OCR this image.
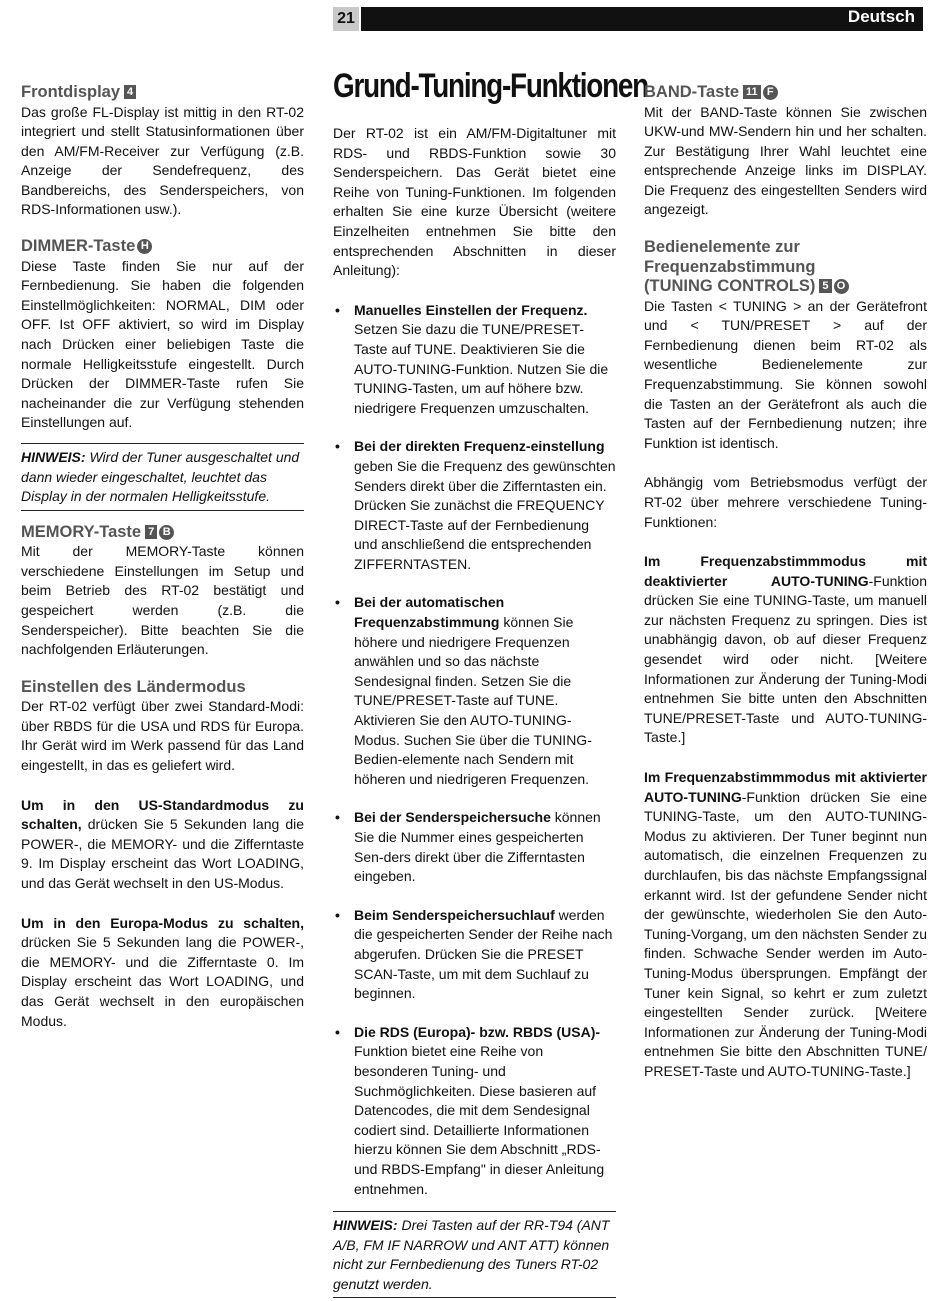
21	Deutsch

Frontdisplay 4

Das große FL-Display ist mittig in den RT-02 integriert und stellt Statusinformationen über den AM/FM-Receiver zur Verfügung (z.B. Anzeige der Sendefrequenz, des Bandbereichs, des Senderspeichers, von RDS-Informationen usw.).

DIMMER-Taste H

Diese Taste finden Sie nur auf der Fernbedienung. Sie haben die folgenden Einstellmöglichkeiten: NORMAL, DIM oder OFF. Ist OFF aktiviert, so wird im Display nach Drücken einer beliebigen Taste die normale Helligkeitsstufe eingestellt. Durch Drücken der DIMMER-Taste rufen Sie nacheinander die zur Verfügung stehenden Einstellungen auf.

HINWEIS: Wird der Tuner ausgeschaltet und dann wieder eingeschaltet, leuchtet das Display in der normalen Helligkeitsstufe.

MEMORY-Taste 7 B

Mit der MEMORY-Taste können verschiedene Einstellungen im Setup und beim Betrieb des RT-02 bestätigt und gespeichert werden (z.B. die Senderspeicher). Bitte beachten Sie die nachfolgenden Erläuterungen.

Einstellen des Ländermodus

Der RT-02 verfügt über zwei Standard-Modi: über RBDS für die USA und RDS für Europa. Ihr Gerät wird im Werk passend für das Land eingestellt, in das es geliefert wird.

Um in den US-Standardmodus zu schalten, drücken Sie 5 Sekunden lang die POWER-, die MEMORY- und die Zifferntaste 9. Im Display erscheint das Wort LOADING, und das Gerät wechselt in den US-Modus.

Um in den Europa-Modus zu schalten, drücken Sie 5 Sekunden lang die POWER-, die MEMORY- und die Zifferntaste 0. Im Display erscheint das Wort LOADING, und das Gerät wechselt in den europäischen Modus.

Grund-Tuning-Funktionen

Der RT-02 ist ein AM/FM-Digitaltuner mit RDS- und RBDS-Funktion sowie 30 Senderspeichern. Das Gerät bietet eine Reihe von Tuning-Funktionen. Im folgenden erhalten Sie eine kurze Übersicht (weitere Einzelheiten entnehmen Sie bitte den entsprechenden Abschnitten in dieser Anleitung):

• Manuelles Einstellen der Frequenz. Setzen Sie dazu die TUNE/PRESET-Taste auf TUNE. Deaktivieren Sie die AUTO-TUNING-Funktion. Nutzen Sie die TUNING-Tasten, um auf höhere bzw. niedrigere Frequenzen umzuschalten.
• Bei der direkten Frequenz-einstellung geben Sie die Frequenz des gewünschten Senders direkt über die Zifferntasten ein. Drücken Sie zunächst die FREQUENCY DIRECT-Taste auf der Fernbedienung und anschließend die entsprechenden ZIFFERNTASTEN.
• Bei der automatischen Frequenzabstimmung können Sie höhere und niedrigere Frequenzen anwählen und so das nächste Sendesignal finden. Setzen Sie die TUNE/PRESET-Taste auf TUNE. Aktivieren Sie den AUTO-TUNING-Modus. Suchen Sie über die TUNING-Bedien-elemente nach Sendern mit höheren und niedrigeren Frequenzen.
• Bei der Senderspeichersuche können Sie die Nummer eines gespeicherten Sen-ders direkt über die Zifferntasten eingeben.
• Beim Senderspeichersuchlauf werden die gespeicherten Sender der Reihe nach abgerufen. Drücken Sie die PRESET SCAN-Taste, um mit dem Suchlauf zu beginnen.
• Die RDS (Europa)- bzw. RBDS (USA)-Funktion bietet eine Reihe von besonderen Tuning- und Suchmöglichkeiten. Diese basieren auf Datencodes, die mit dem Sendesignal codiert sind. Detaillierte Informationen hierzu können Sie dem Abschnitt „RDS- und RBDS-Empfang" in dieser Anleitung entnehmen.
HINWEIS: Drei Tasten auf der RR-T94 (ANT A/B, FM IF NARROW und ANT ATT) können nicht zur Fernbedienung des Tuners RT-02 genutzt werden.

BAND-Taste 11 F

Mit der BAND-Taste können Sie zwischen UKW-und MW-Sendern hin und her schalten. Zur Bestätigung Ihrer Wahl leuchtet eine entsprechende Anzeige links im DISPLAY. Die Frequenz des eingestellten Senders wird angezeigt.

Bedienelemente zur
Frequenzabstimmung
(TUNING CONTROLS) 5 O

Die Tasten < TUNING > an der Gerätefront und < TUN/PRESET > auf der Fernbedienung dienen beim RT-02 als wesentliche Bedienelemente zur Frequenzabstimmung. Sie können sowohl die Tasten an der Gerätefront als auch die Tasten auf der Fernbedienung nutzen; ihre Funktion ist identisch.

Abhängig vom Betriebsmodus verfügt der RT-02 über mehrere verschiedene Tuning-Funktionen:

Im Frequenzabstimmmodus mit deaktivierter AUTO-TUNING-Funktion drücken Sie eine TUNING-Taste, um manuell zur nächsten Frequenz zu springen. Dies ist unabhängig davon, ob auf dieser Frequenz gesendet wird oder nicht. [Weitere Informationen zur Änderung der Tuning-Modi entnehmen Sie bitte unten den Abschnitten TUNE/PRESET-Taste und AUTO-TUNING-Taste.]

Im Frequenzabstimmmodus mit aktivierter AUTO-TUNING-Funktion drücken Sie eine TUNING-Taste, um den AUTO-TUNING- Modus zu aktivieren. Der Tuner beginnt nun automatisch, die einzelnen Frequenzen zu durchlaufen, bis das nächste Empfangssignal erkannt wird. Ist der gefundene Sender nicht der gewünschte, wiederholen Sie den Auto-Tuning-Vorgang, um den nächsten Sender zu finden. Schwache Sender werden im Auto-Tuning-Modus übersprungen. Empfängt der Tuner kein Signal, so kehrt er zum zuletzt eingestellten Sender zurück. [Weitere Informationen zur Änderung der Tuning-Modi entnehmen Sie bitte den Abschnitten TUNE/ PRESET-Taste und AUTO-TUNING-Taste.]
